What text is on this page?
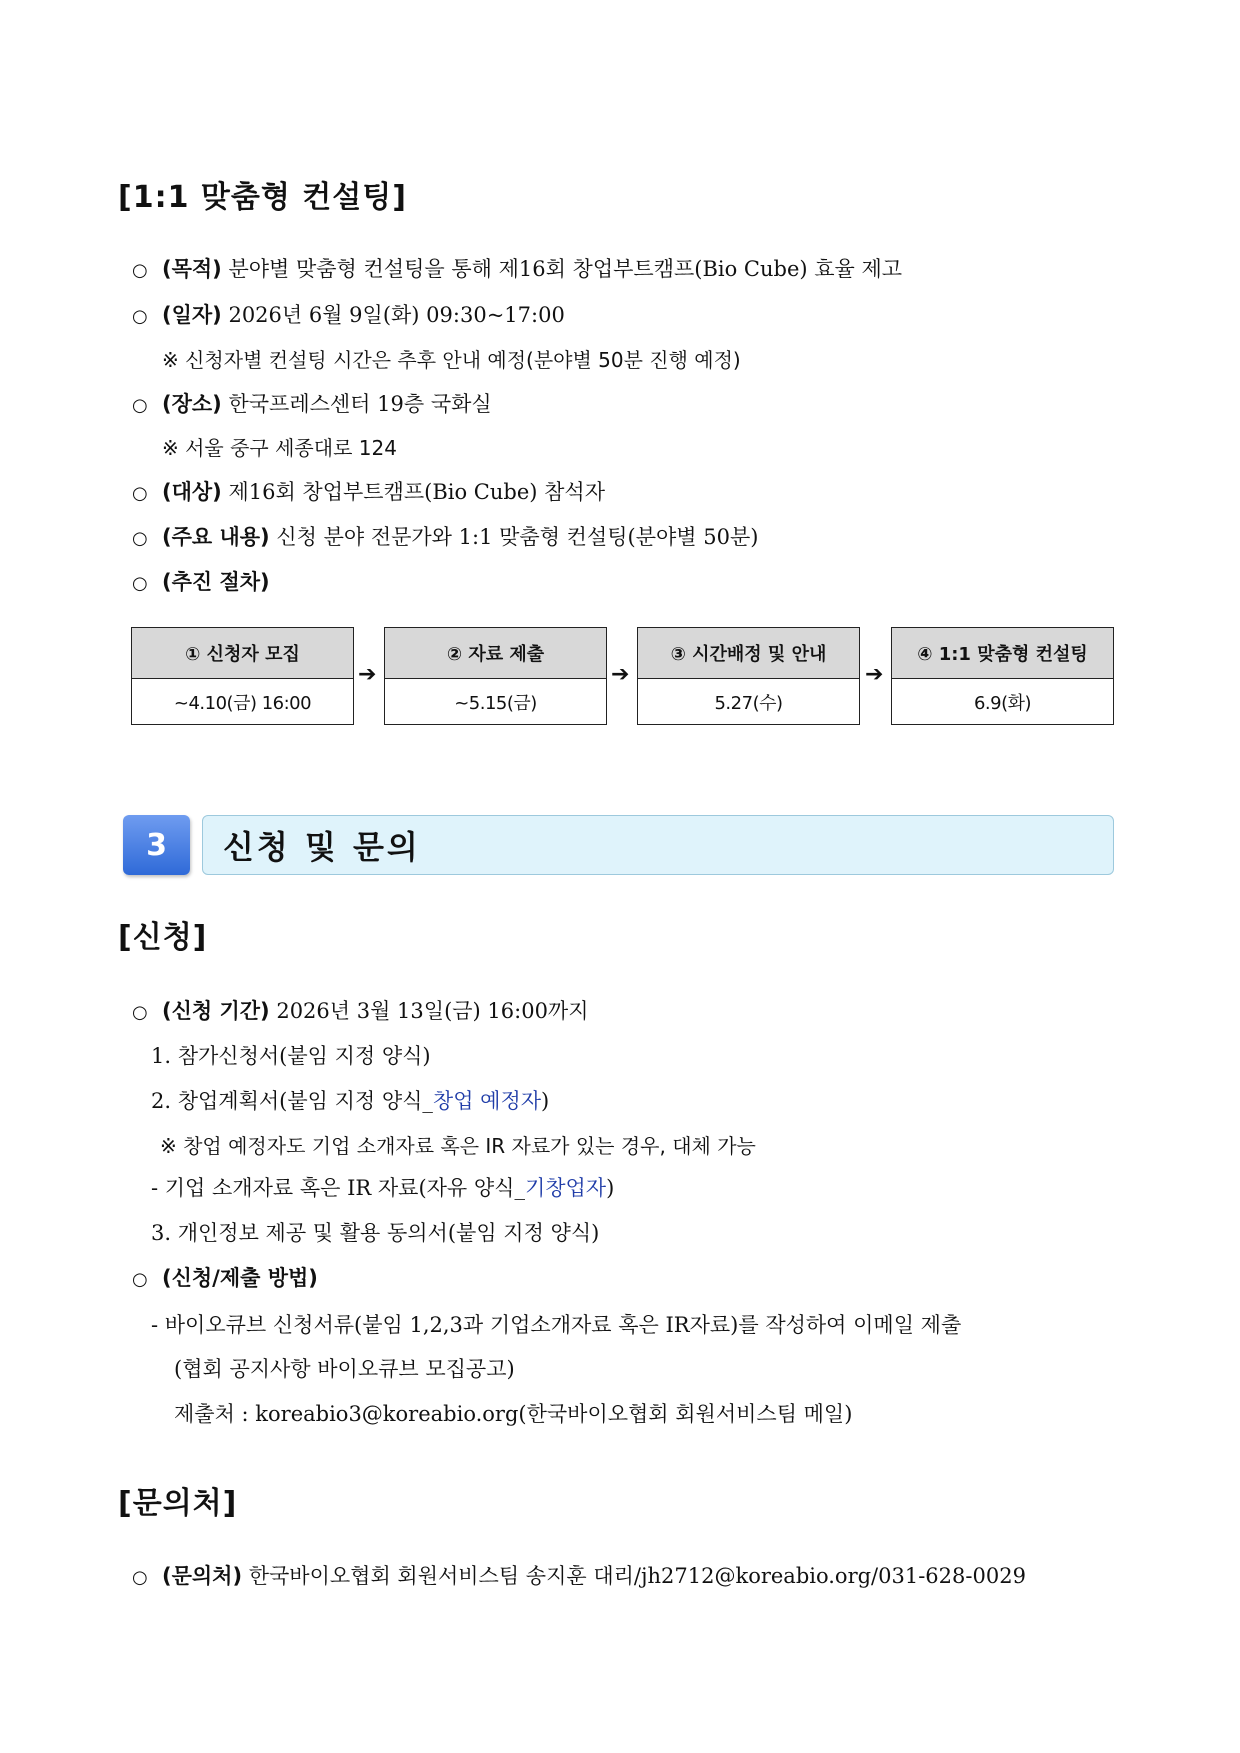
[1:1 맞춤형 컨설팅]
○ (목적) 분야별 맞춤형 컨설팅을 통해 제16회 창업부트캠프(Bio Cube) 효율 제고
○ (일자) 2026년 6월 9일(화) 09:30~17:00
※ 신청자별 컨설팅 시간은 추후 안내 예정(분야별 50분 진행 예정)
○ (장소) 한국프레스센터 19층 국화실
※ 서울 중구 세종대로 124
○ (대상) 제16회 창업부트캠프(Bio Cube) 참석자
○ (주요 내용) 신청 분야 전문가와 1:1 맞춤형 컨설팅(분야별 50분)
○ (추진 절차)
① 신청자 모집
~4.10(금) 16:00
➔
② 자료 제출
~5.15(금)
➔
③ 시간배정 및 안내
5.27(수)
➔
④ 1:1 맞춤형 컨설팅
6.9(화)
3	신청 및 문의
[신청]
○ (신청 기간) 2026년 3월 13일(금) 16:00까지
1. 참가신청서(붙임 지정 양식)
2. 창업계획서(붙임 지정 양식_창업 예정자)
※ 창업 예정자도 기업 소개자료 혹은 IR 자료가 있는 경우, 대체 가능
- 기업 소개자료 혹은 IR 자료(자유 양식_기창업자)
3. 개인정보 제공 및 활용 동의서(붙임 지정 양식)
○ (신청/제출 방법)
- 바이오큐브 신청서류(붙임 1,2,3과 기업소개자료 혹은 IR자료)를 작성하여 이메일 제출
(협회 공지사항 바이오큐브 모집공고)
제출처 : koreabio3@koreabio.org(한국바이오협회 회원서비스팀 메일)
[문의처]
○ (문의처) 한국바이오협회 회원서비스팀 송지훈 대리/jh2712@koreabio.org/031-628-0029
